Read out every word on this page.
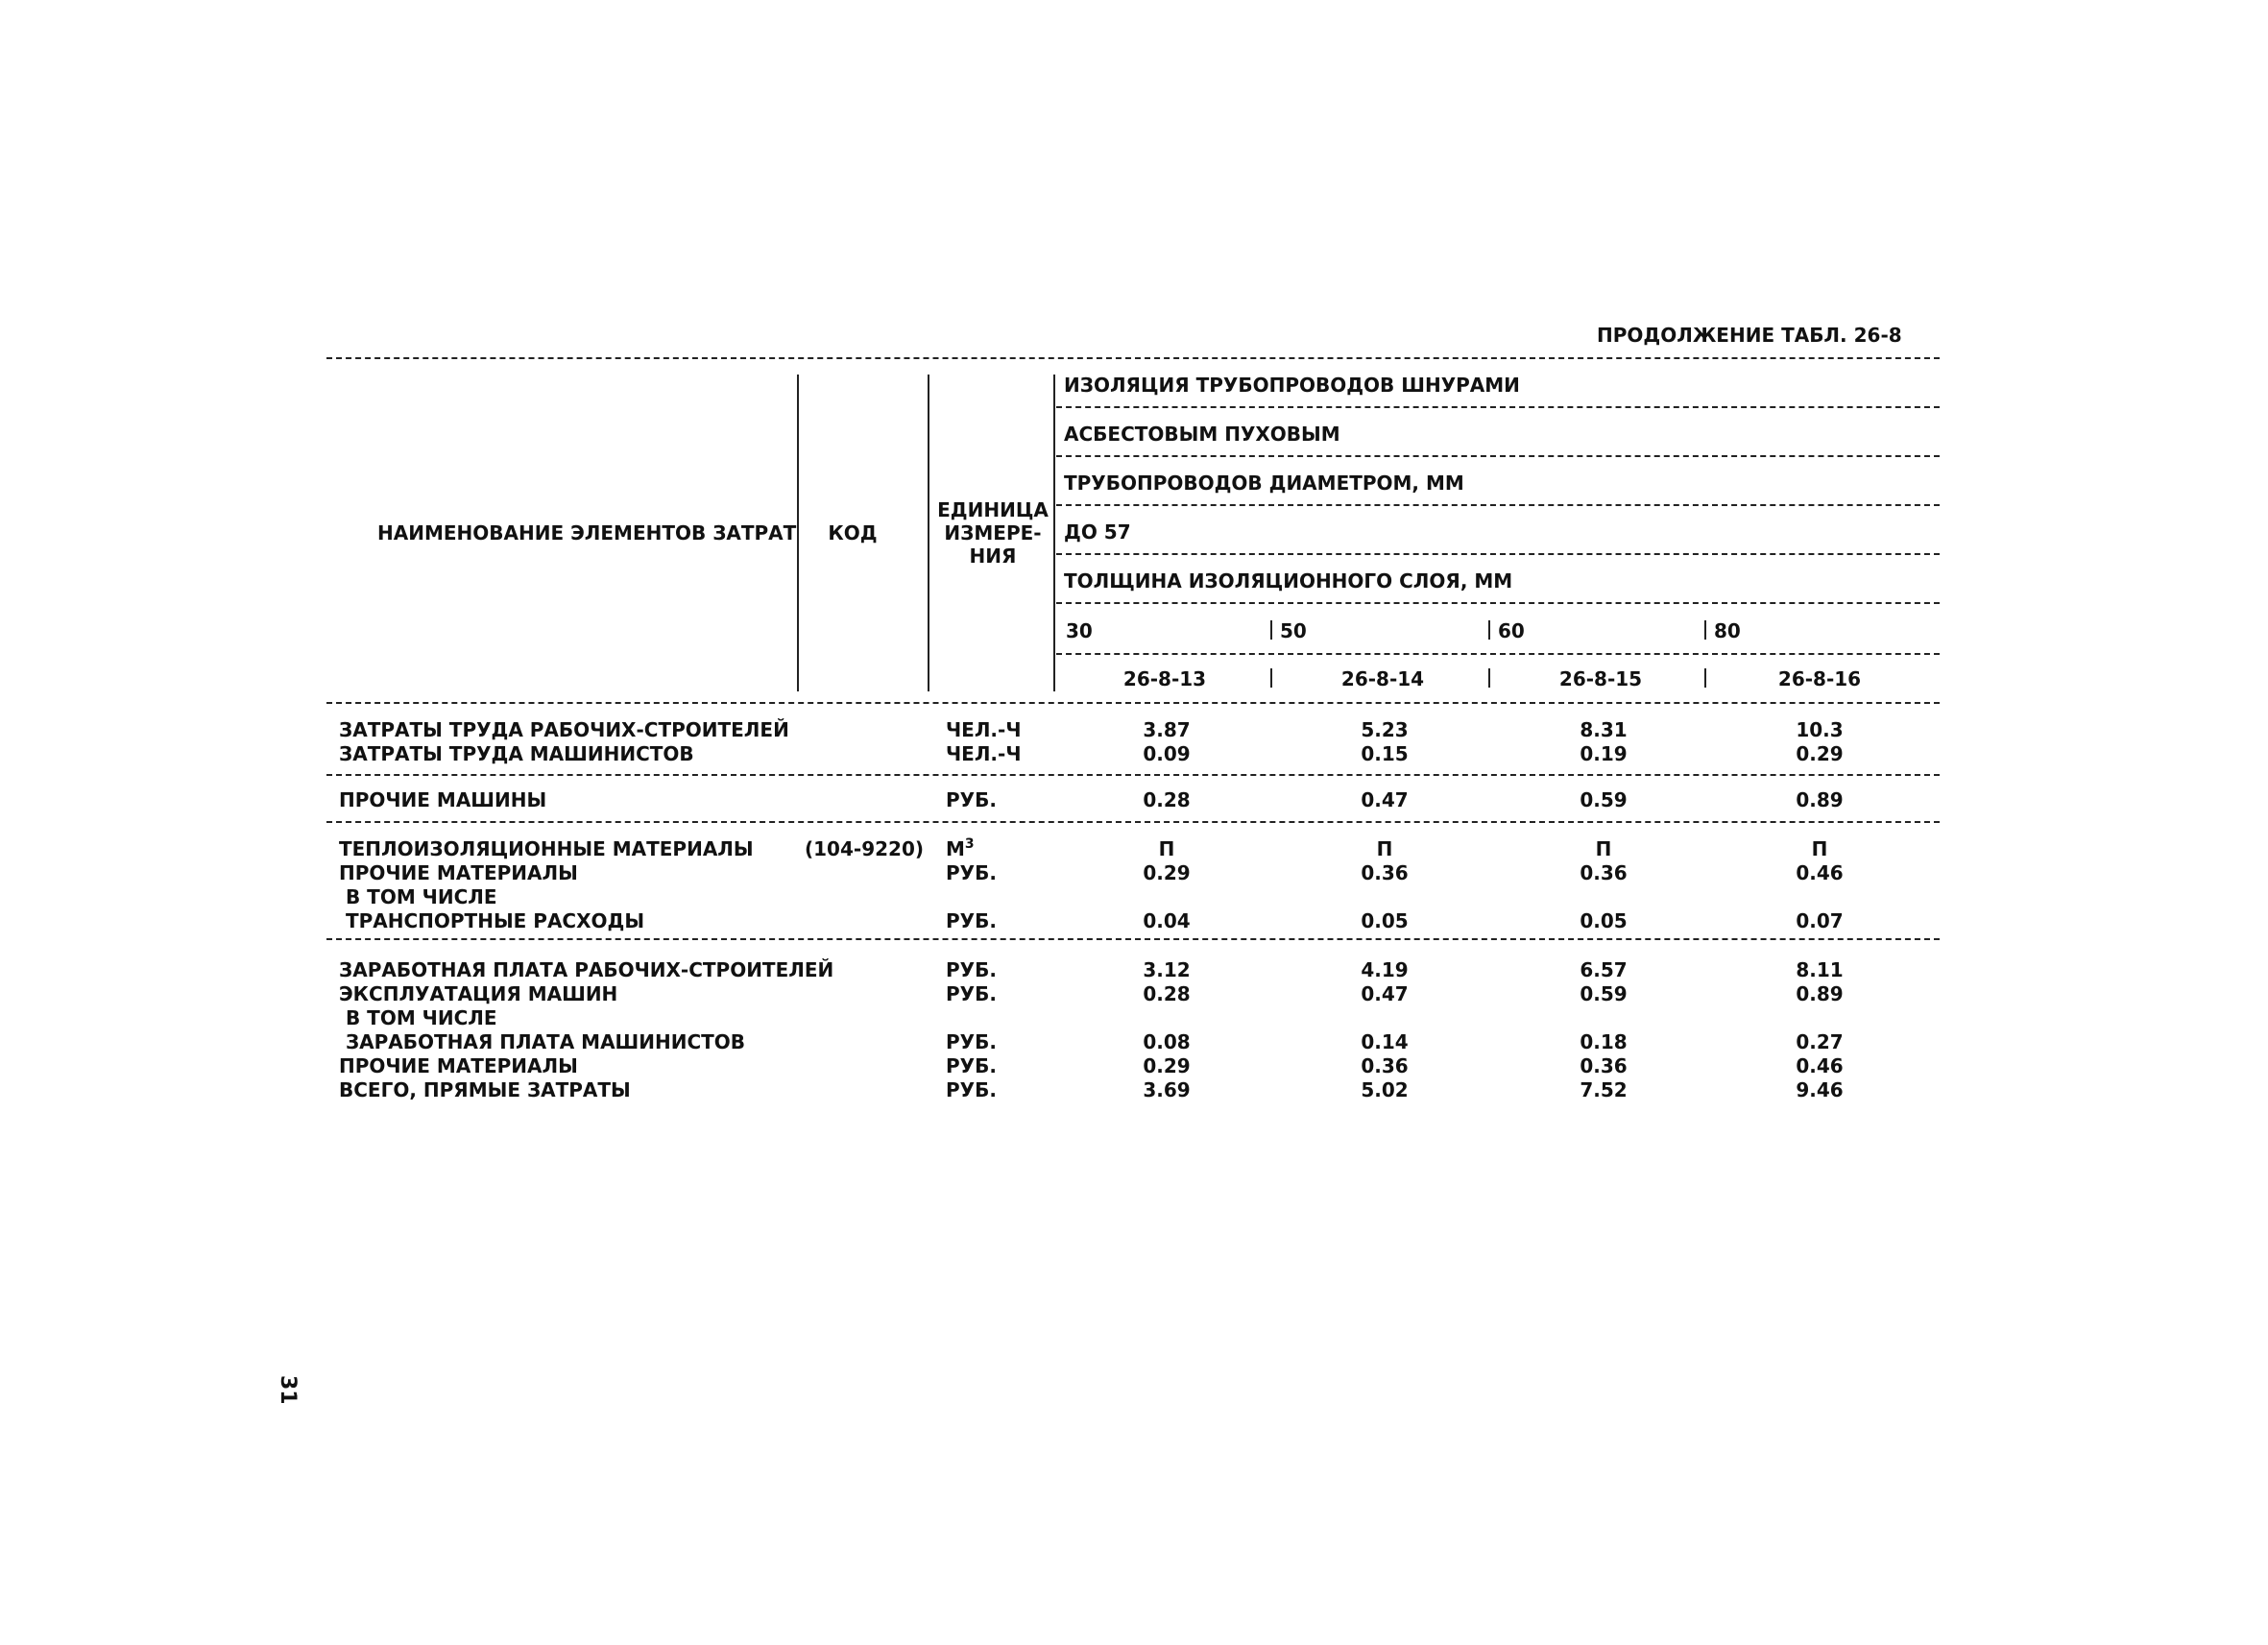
ПРОДОЛЖЕНИЕ ТАБЛ. 26-8
НАИМЕНОВАНИЕ ЭЛЕМЕНТОВ ЗАТРАТ КОД
ЕДИНИЦА
ИЗМЕРЕ-
НИЯ
ИЗОЛЯЦИЯ ТРУБОПРОВОДОВ ШНУРАМИ
АСБЕСТОВЫМ ПУХОВЫМ
ТРУБОПРОВОДОВ ДИАМЕТРОМ, ММ
ДО 57
ТОЛЩИНА ИЗОЛЯЦИОННОГО СЛОЯ, ММ
30	50	60	80
26-8-13	26-8-14	26-8-15	26-8-16
ЗАТРАТЫ ТРУДА РАБОЧИХ-СТРОИТЕЛЕЙ	ЧЕЛ.-Ч	3.87	5.23	8.31	10.3
ЗАТРАТЫ ТРУДА МАШИНИСТОВ	ЧЕЛ.-Ч	0.09	0.15	0.19	0.29
ПРОЧИЕ МАШИНЫ	РУБ.	0.28	0.47	0.59	0.89
ТЕПЛОИЗОЛЯЦИОННЫЕ МАТЕРИАЛЫ	(104-9220) $М^3$	П	П	П	П
ПРОЧИЕ МАТЕРИАЛЫ	РУБ.	0.29	0.36	0.36	0.46
В ТОМ ЧИСЛЕ
ТРАНСПОРТНЫЕ РАСХОДЫ	РУБ.	0.04	0.05	0.05	0.07
ЗАРАБОТНАЯ ПЛАТА РАБОЧИХ-СТРОИТЕЛЕЙ	РУБ.	3.12	4.19	6.57	8.11
ЭКСПЛУАТАЦИЯ МАШИН	РУБ.	0.28	0.47	0.59	0.89
В ТОМ ЧИСЛЕ
ЗАРАБОТНАЯ ПЛАТА МАШИНИСТОВ	РУБ.	0.08	0.14	0.18	0.27
ПРОЧИЕ МАТЕРИАЛЫ	РУБ.	0.29	0.36	0.36	0.46
ВСЕГО, ПРЯМЫЕ ЗАТРАТЫ	РУБ.	3.69	5.02	7.52	9.46
31
